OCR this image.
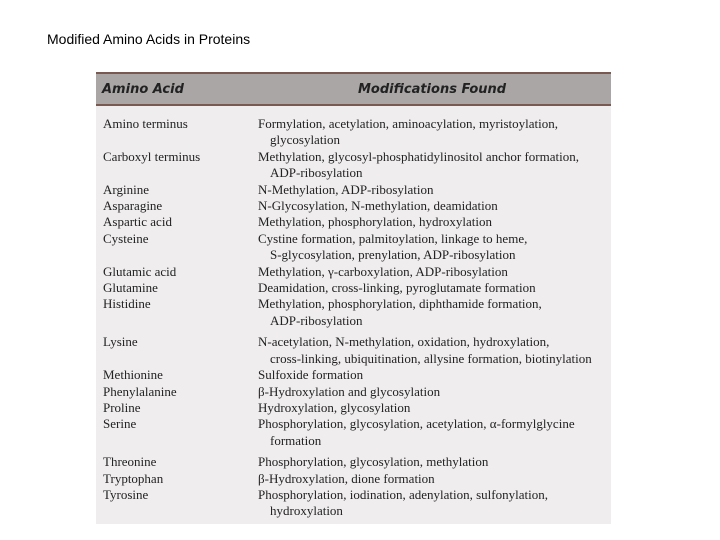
Modified Amino Acids in Proteins
Amino Acid	Modifications Found
Amino terminus	Formylation, acetylation, aminoacylation, myristoylation,
glycosylation
Carboxyl terminus	Methylation, glycosyl-phosphatidylinositol anchor formation,
ADP-ribosylation
Arginine	N-Methylation, ADP-ribosylation
Asparagine	N-Glycosylation, N-methylation, deamidation
Aspartic acid	Methylation, phosphorylation, hydroxylation
Cysteine	Cystine formation, palmitoylation, linkage to heme,
S-glycosylation, prenylation, ADP-ribosylation
Glutamic acid	Methylation, γ-carboxylation, ADP-ribosylation
Glutamine	Deamidation, cross-linking, pyroglutamate formation
Histidine	Methylation, phosphorylation, diphthamide formation,
ADP-ribosylation
Lysine	N-acetylation, N-methylation, oxidation, hydroxylation,
cross-linking, ubiquitination, allysine formation, biotinylation
Methionine	Sulfoxide formation
Phenylalanine	β-Hydroxylation and glycosylation
Proline	Hydroxylation, glycosylation
Serine	Phosphorylation, glycosylation, acetylation, α-formylglycine
formation
Threonine	Phosphorylation, glycosylation, methylation
Tryptophan	β-Hydroxylation, dione formation
Tyrosine	Phosphorylation, iodination, adenylation, sulfonylation,
hydroxylation
